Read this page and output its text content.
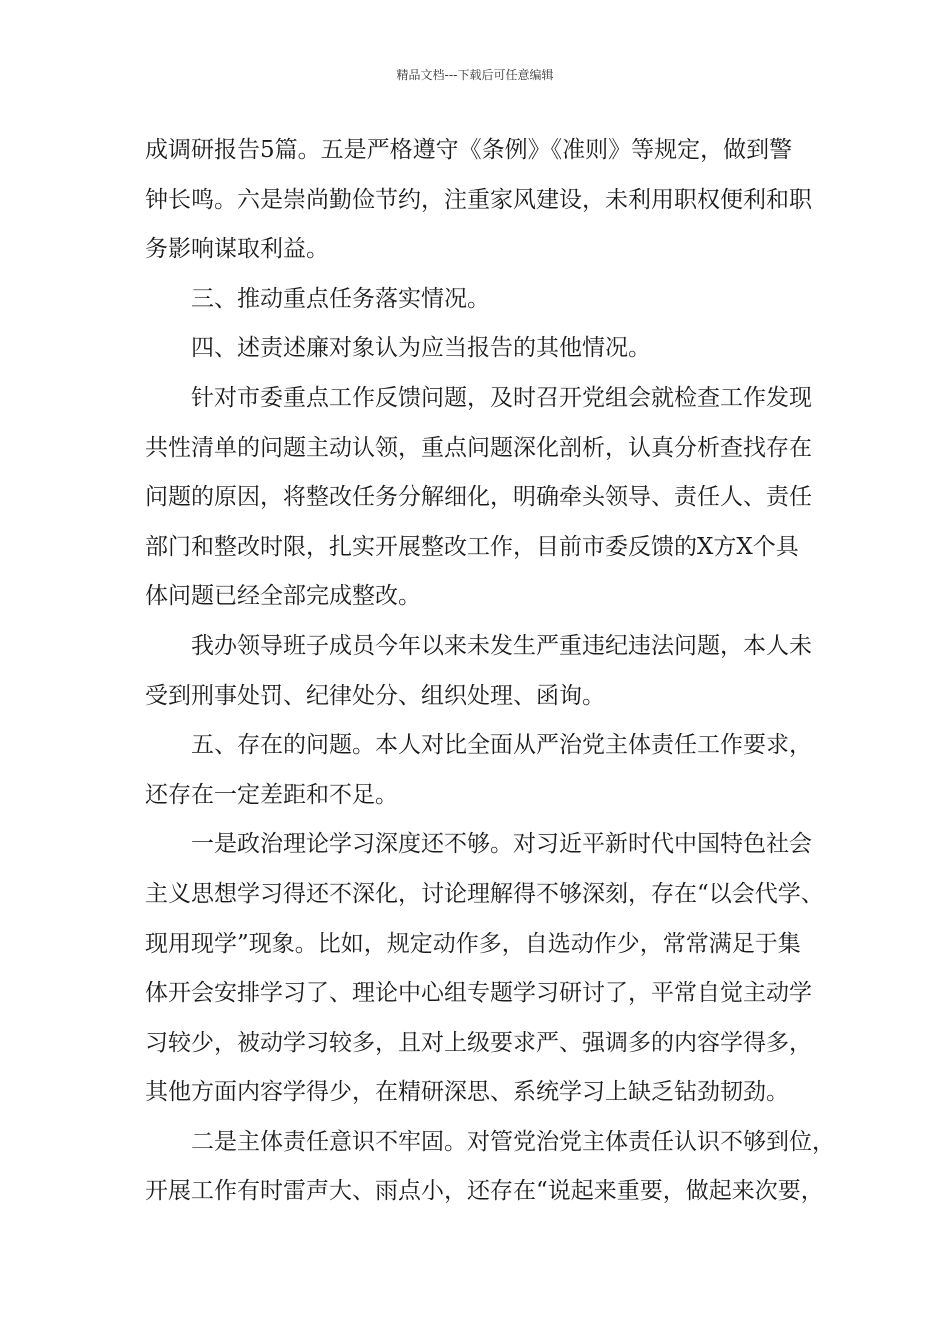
精品文档---下载后可任意编辑
成调研报告5篇。五是严格遵守《条例》《准则》等规定，做到警
钟长鸣。六是崇尚勤俭节约，注重家风建设，未利用职权便利和职
务影响谋取利益。
三、推动重点任务落实情况。
四、述责述廉对象认为应当报告的其他情况。
针对市委重点工作反馈问题，及时召开党组会就检查工作发现
共性清单的问题主动认领，重点问题深化剖析，认真分析查找存在
问题的原因，将整改任务分解细化，明确牵头领导、责任人、责任
部门和整改时限，扎实开展整改工作，目前市委反馈的X方X个具
体问题已经全部完成整改。
我办领导班子成员今年以来未发生严重违纪违法问题，本人未
受到刑事处罚、纪律处分、组织处理、函询。
五、存在的问题。本人对比全面从严治党主体责任工作要求，
还存在一定差距和不足。
一是政治理论学习深度还不够。对习近平新时代中国特色社会
主义思想学习得还不深化，讨论理解得不够深刻，存在“以会代学、
现用现学”现象。比如，规定动作多，自选动作少，常常满足于集
体开会安排学习了、理论中心组专题学习研讨了，平常自觉主动学
习较少，被动学习较多，且对上级要求严、强调多的内容学得多，
其他方面内容学得少，在精研深思、系统学习上缺乏钻劲韧劲。
二是主体责任意识不牢固。对管党治党主体责任认识不够到位，
开展工作有时雷声大、雨点小，还存在“说起来重要，做起来次要，
